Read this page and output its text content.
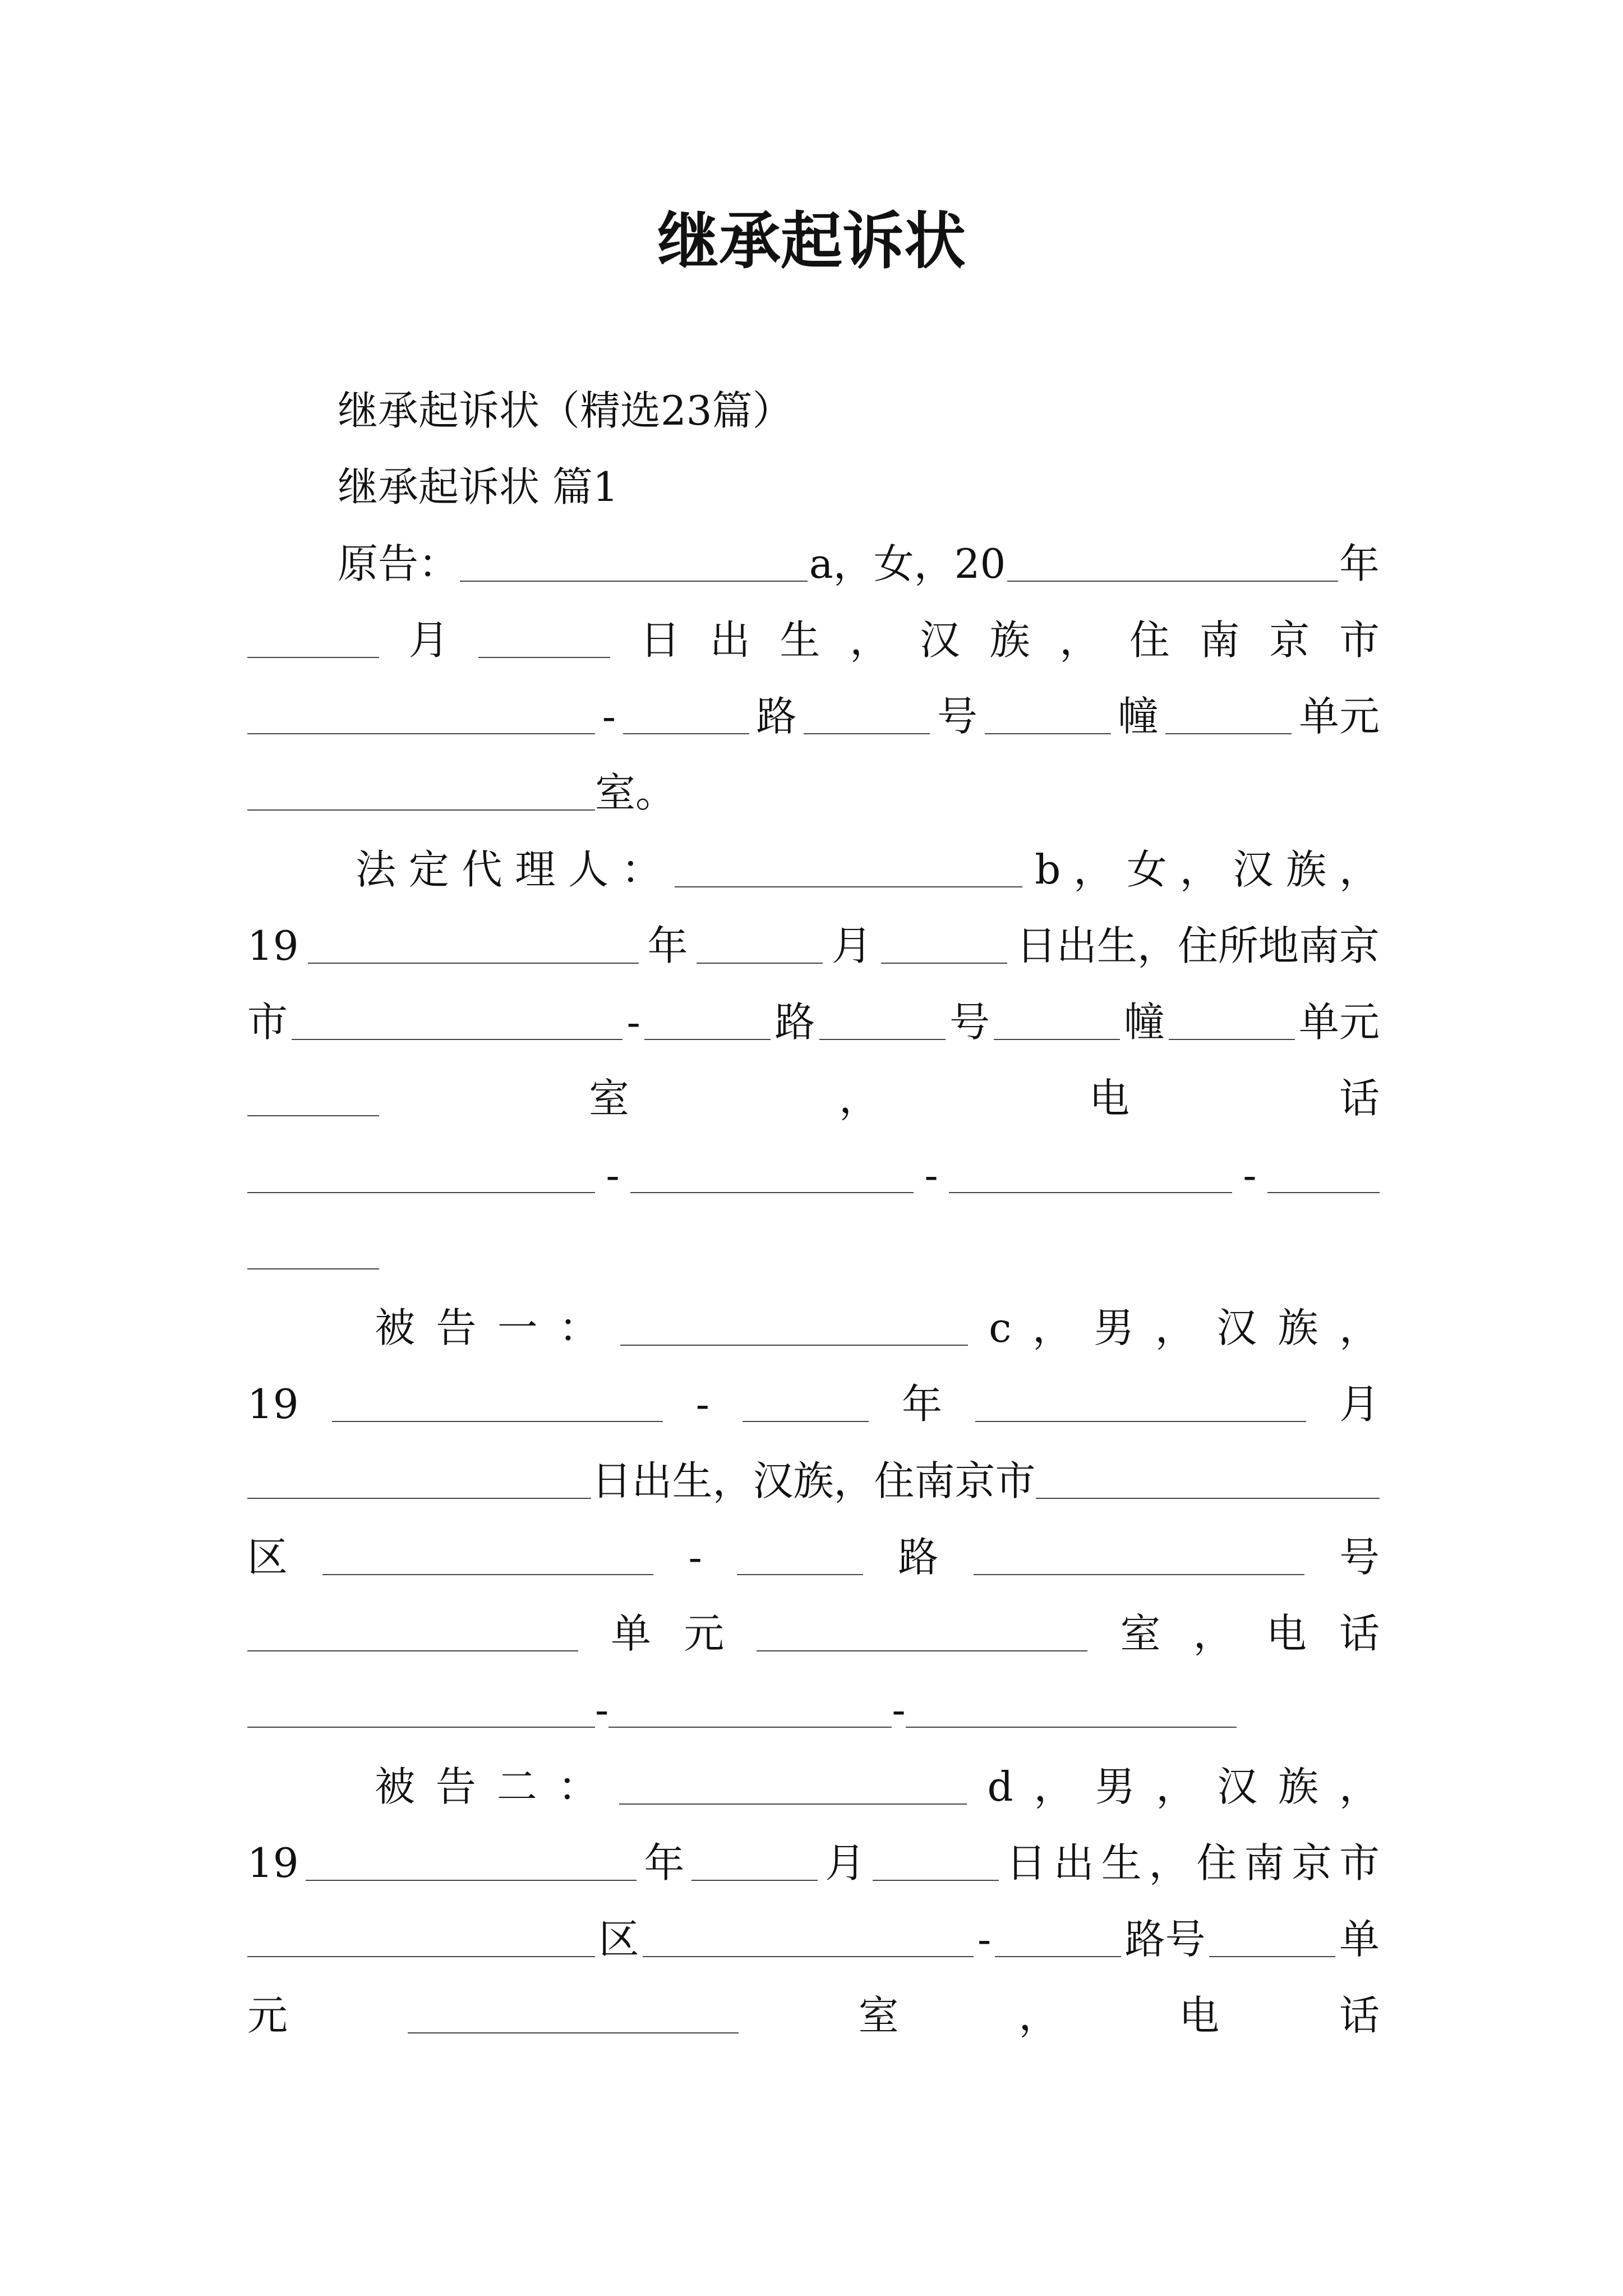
继承起诉状
继承起诉状（精选23篇）
继承起诉状 篇1
原告：	a，女，20	年
月	日 出 生 ， 汉 族 ， 住 南 京 市
-	路	号	幢	单元
室。
法 定 代 理 人 ：	b ， 女 ， 汉 族 ，
19	年	月	日出生，住所地南京
市	-	路	号	幢	单元
室	，	电	话
-	-	-
被 告 一 ：	c ， 男 ， 汉 族 ，
19	-	年	月
日出生，汉族，住南京市
区	-	路	号
单 元	室 ， 电 话
-	-
被 告 二 ：	d ， 男 ， 汉 族 ，
19	年	月	日 出 生 ， 住 南 京 市
区	-	路号	单
元	室	，	电	话
